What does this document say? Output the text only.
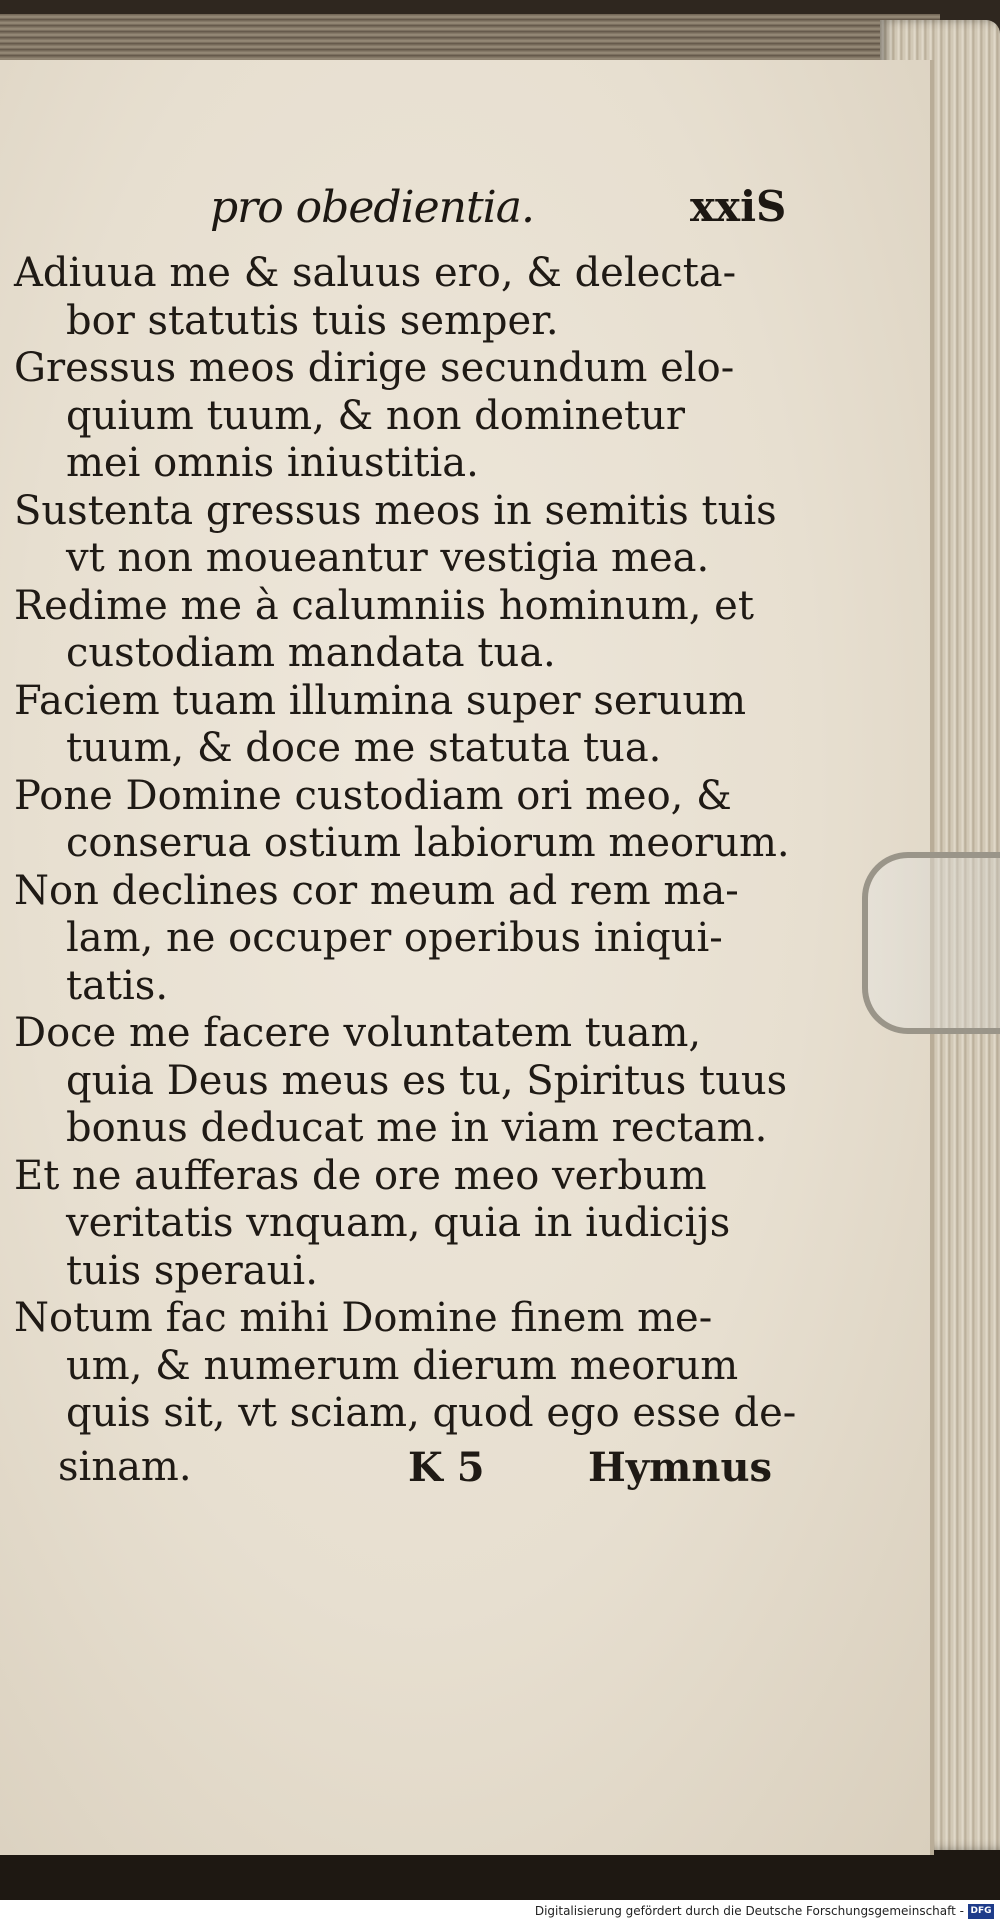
pro obedientia.	xxiS
Adiuua me & saluus ero, & delecta-
bor statutis tuis semper.
Gressus meos dirige secundum elo-
quium tuum, & non dominetur
mei omnis iniustitia.
Sustenta gressus meos in semitis tuis
vt non moueantur vestigia mea.
Redime me à calumniis hominum, et
custodiam mandata tua.
Faciem tuam illumina super seruum
tuum, & doce me statuta tua.
Pone Domine custodiam ori meo, &
conserua ostium labiorum meorum.
Non declines cor meum ad rem ma-
lam, ne occuper operibus iniqui-
tatis.
Doce me facere voluntatem tuam,
quia Deus meus es tu, Spiritus tuus
bonus deducat me in viam rectam.
Et ne aufferas de ore meo verbum
veritatis vnquam, quia in iudicijs
tuis speraui.
Notum fac mihi Domine finem me-
um, & numerum dierum meorum
quis sit, vt sciam, quod ego esse de-
sinam.	K 5	Hymnus
Digitalisierung gefördert durch die Deutsche Forschungsgemeinschaft - DFG
